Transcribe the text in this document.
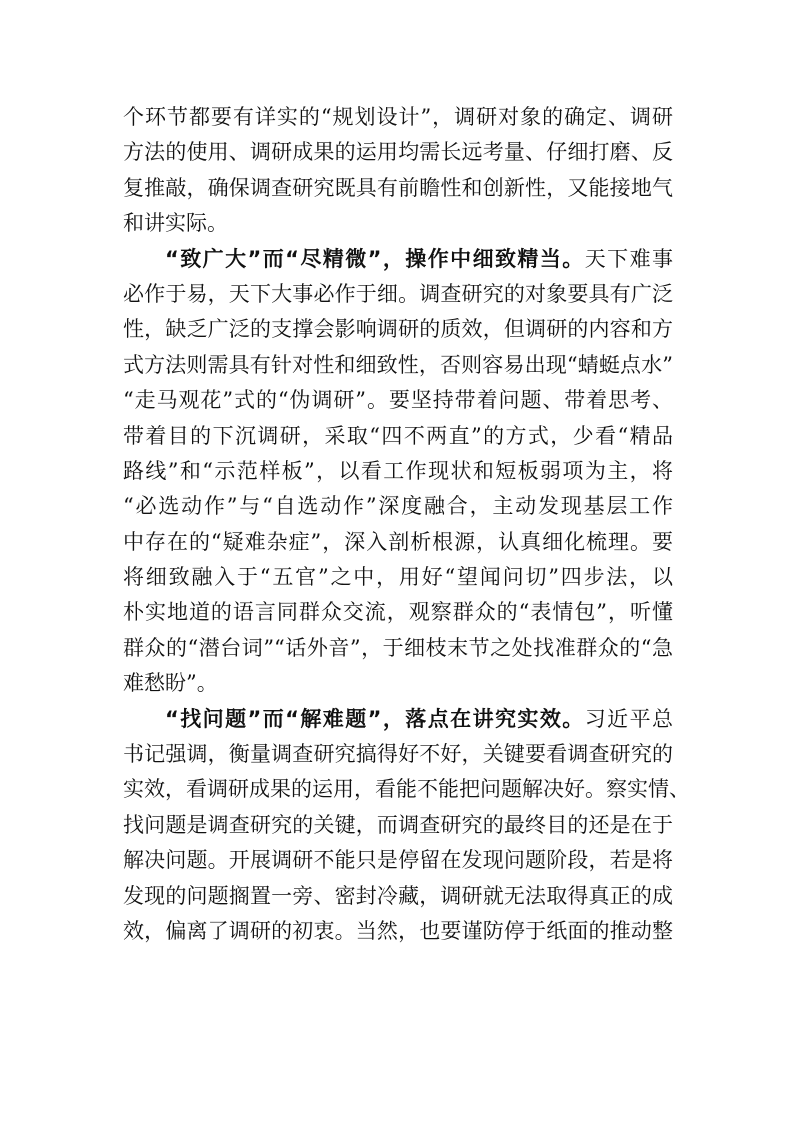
个环节都要有详实的“规划设计”，调研对象的确定、调研
方法的使用、调研成果的运用均需长远考量、仔细打磨、反
复推敲，确保调查研究既具有前瞻性和创新性，又能接地气
和讲实际。
“致广大”而“尽精微”，操作中细致精当。天下难事
必作于易，天下大事必作于细。调查研究的对象要具有广泛
性，缺乏广泛的支撑会影响调研的质效，但调研的内容和方
式方法则需具有针对性和细致性，否则容易出现“蜻蜓点水”
“走马观花”式的“伪调研”。要坚持带着问题、带着思考、
带着目的下沉调研，采取“四不两直”的方式，少看“精品
路线”和“示范样板”，以看工作现状和短板弱项为主，将
“必选动作”与“自选动作”深度融合，主动发现基层工作
中存在的“疑难杂症”，深入剖析根源，认真细化梳理。要
将细致融入于“五官”之中，用好“望闻问切”四步法，以
朴实地道的语言同群众交流，观察群众的“表情包”，听懂
群众的“潜台词”“话外音”，于细枝末节之处找准群众的“急
难愁盼”。
“找问题”而“解难题”，落点在讲究实效。习近平总
书记强调，衡量调查研究搞得好不好，关键要看调查研究的
实效，看调研成果的运用，看能不能把问题解决好。察实情、
找问题是调查研究的关键，而调查研究的最终目的还是在于
解决问题。开展调研不能只是停留在发现问题阶段，若是将
发现的问题搁置一旁、密封冷藏，调研就无法取得真正的成
效，偏离了调研的初衷。当然，也要谨防停于纸面的推动整
